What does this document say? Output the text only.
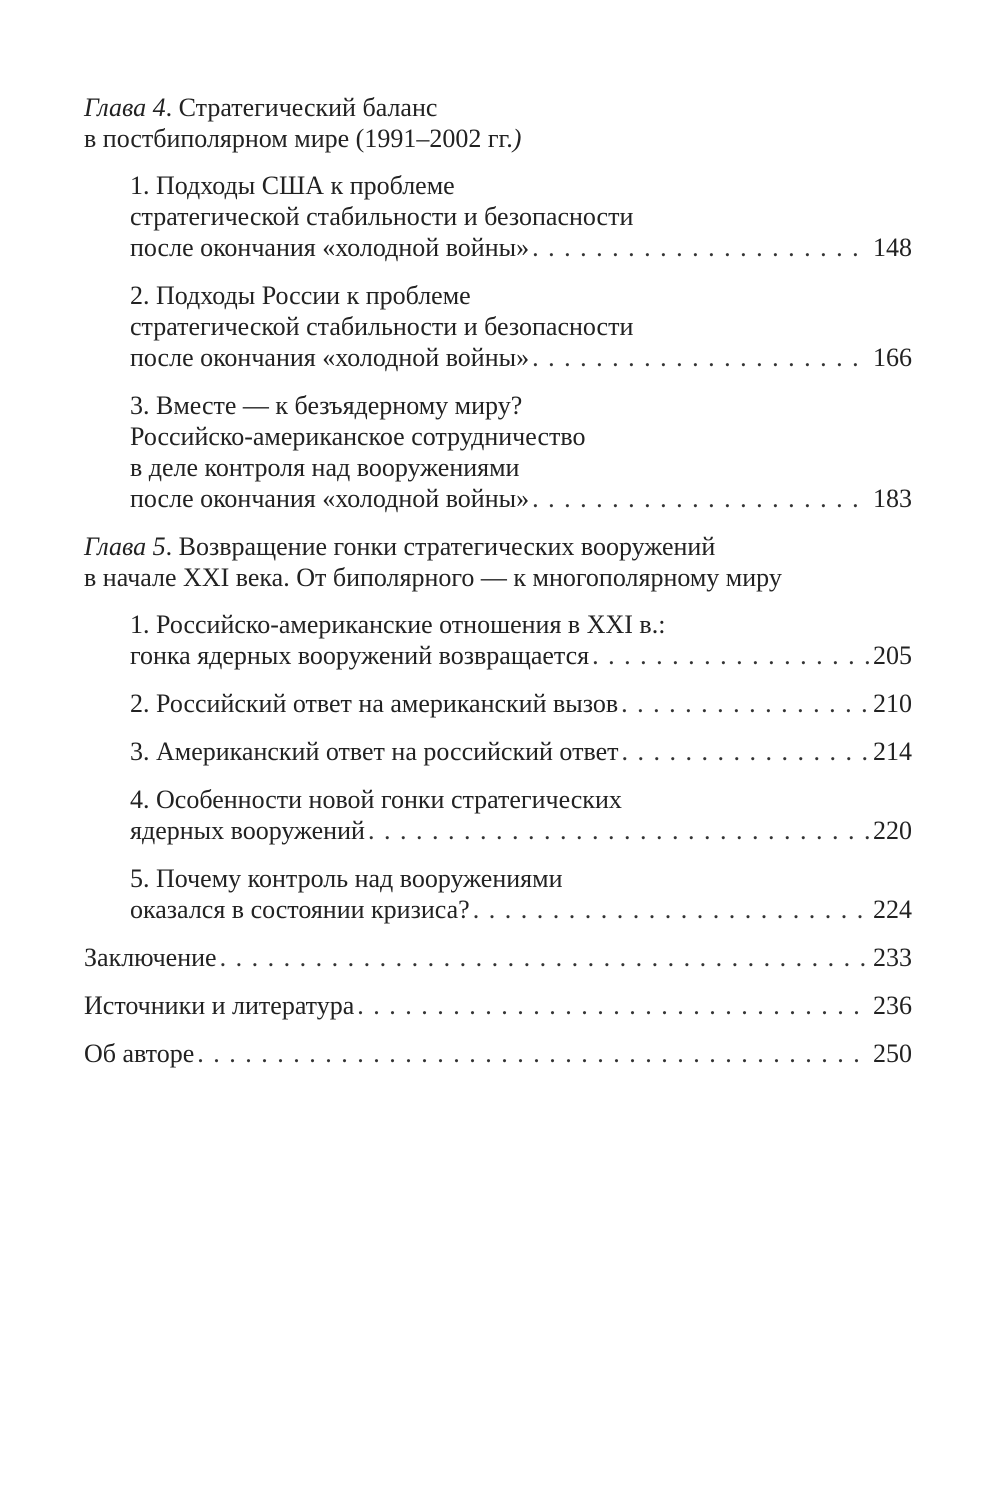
Глава 4. Стратегический баланс
в постбиполярном мире (1991–2002 гг.)
1. Подходы США к проблеме
стратегической стабильности и безопасности
после окончания «холодной войны» . . .	148
2. Подходы России к проблеме
стратегической стабильности и безопасности
после окончания «холодной войны» . . .	166
3. Вместе — к безъядерному миру?
Российско-американское сотрудничество
в деле контроля над вооружениями
после окончания «холодной войны» . . .	183
Глава 5. Возвращение гонки стратегических вооружений
в начале XXI века. От биполярного — к многополярному миру
1. Российско-американские отношения в XXI в.:
гонка ядерных вооружений возвращается . . .	205
2. Российский ответ на американский вызов . . .	210
3. Американский ответ на российский ответ . . .	214
4. Особенности новой гонки стратегических
ядерных вооружений . . .	220
5. Почему контроль над вооружениями
оказался в состоянии кризиса? . . .	224
Заключение . . .	233
Источники и литература . . .	236
Об авторе . . .	250
